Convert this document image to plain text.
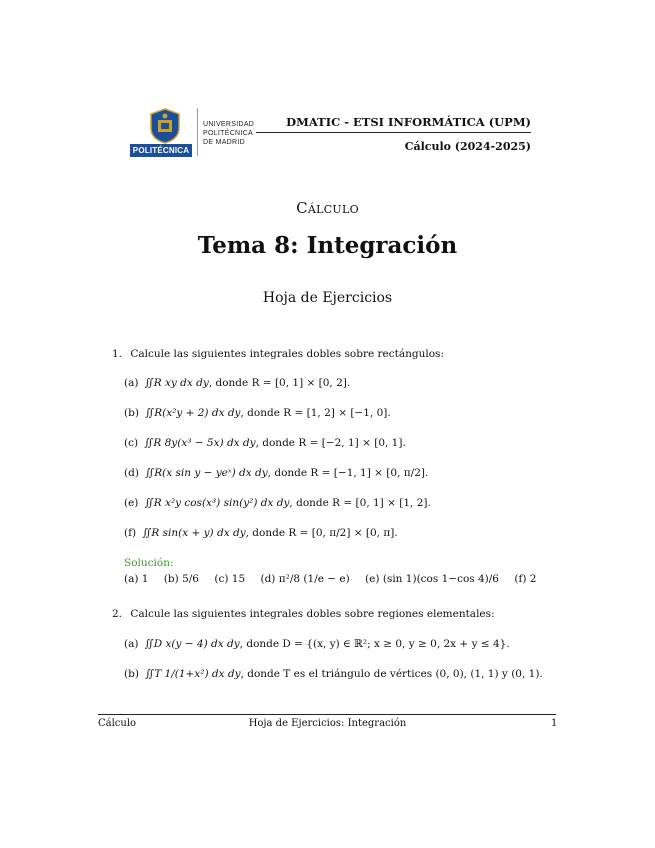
POLITÉCNICA
UNIVERSIDAD
POLITÉCNICA
DE MADRID
DMATIC - ETSI INFORMÁTICA (UPM)
Cálculo (2024-2025)
Cálculo
Tema 8: Integración
Hoja de Ejercicios
1. Calcule las siguientes integrales dobles sobre rectángulos:
(a) ∬R xy dx dy, donde R = [0, 1] × [0, 2].
(b) ∬R(x²y + 2) dx dy, donde R = [1, 2] × [−1, 0].
(c) ∬R 8y(x³ − 5x) dx dy, donde R = [−2, 1] × [0, 1].
(d) ∬R(x sin y − yeˣ) dx dy, donde R = [−1, 1] × [0, π/2].
(e) ∬R x²y cos(x³) sin(y²) dx dy, donde R = [0, 1] × [1, 2].
(f) ∬R sin(x + y) dx dy, donde R = [0, π/2] × [0, π].
Solución:
(a) 1 (b) 5/6 (c) 15 (d) π²/8 (1/e − e) (e) (sin 1)(cos 1−cos 4)/6 (f) 2
2. Calcule las siguientes integrales dobles sobre regiones elementales:
(a) ∬D x(y − 4) dx dy, donde D = {(x, y) ∈ ℝ²; x ≥ 0, y ≥ 0, 2x + y ≤ 4}.
(b) ∬T 1/(1+x²) dx dy, donde T es el triángulo de vértices (0, 0), (1, 1) y (0, 1).
Cálculo	Hoja de Ejercicios: Integración	1
